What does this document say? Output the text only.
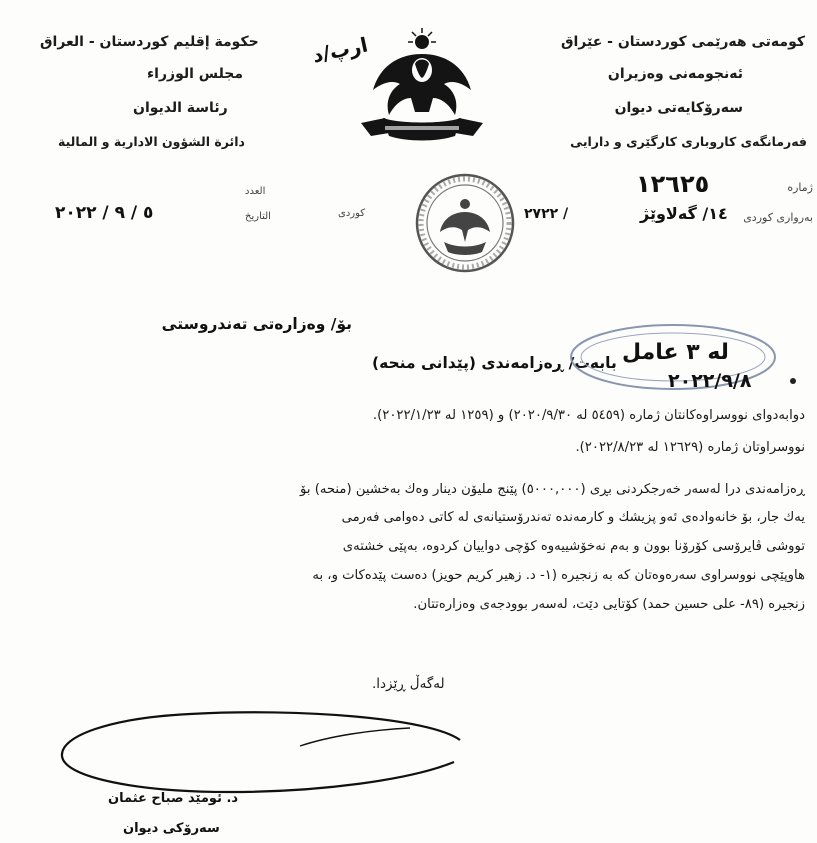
حكومة إقليم كوردستان - العراق
مجلس الوزراء
رئاسة الديوان
دائرة الشؤون الادارية و المالية
کومەتی هەرێمی کوردستان - عێراق
ئەنجومەنی وەزیران
سەرۆکایەتی دیوان
فەرمانگەی کاروباری کارگێری و دارایی
ارپ/د
العدد
التاريخ
٥ / ٩ / ٢٠٢٢
ژمارە
بەرواری کوردی
١٢٦٢٥
١٤/ گەلاوێژ
٢٧٢٢ /
کوردی
بۆ/ وەزارەتی تەندروستی
بابەت/ ڕەزامەندی (پێدانی منحه) لە ٣ عامل
٢٠٢٢/٩/٨
دوابەدوای نووسراوەکانتان ژمارە (٥٤٥٩ لە ٢٠٢٠/٩/٣٠) و (١٢٥٩ لە ٢٠٢٢/١/٢٣).
نووسراوتان ژمارە (١٢٦٢٩ لە ٢٠٢٢/٨/٢٣).
ڕەزامەندی درا لەسەر خەرجکردنی بڕی (٥٠٠٠,٠٠٠) پێنج ملیۆن دینار وەك بەخشین (منحه) بۆ
یەك جار، بۆ خانەوادەی ئەو پزیشك و کارمەندە تەندرۆستیانەی لە کاتی دەوامی فەرمی
تووشی ڤایرۆسی کۆرۆنا بوون و بەم نەخۆشییەوە کۆچی دواییان کردوە، بەپێی خشتەی
هاوپێچی نووسراوی سەرەوەتان کە بە زنجیرە (١- د. زهير کريم حويز) دەست پێدەکات و، بە
زنجیرە (٨٩- علی حسین حمد) کۆتایی دێت، لەسەر بوودجەی وەزارەتتان.
لەگەڵ ڕێزدا.
د. ئومێد صباح عثمان
سەرۆکی دیوان
